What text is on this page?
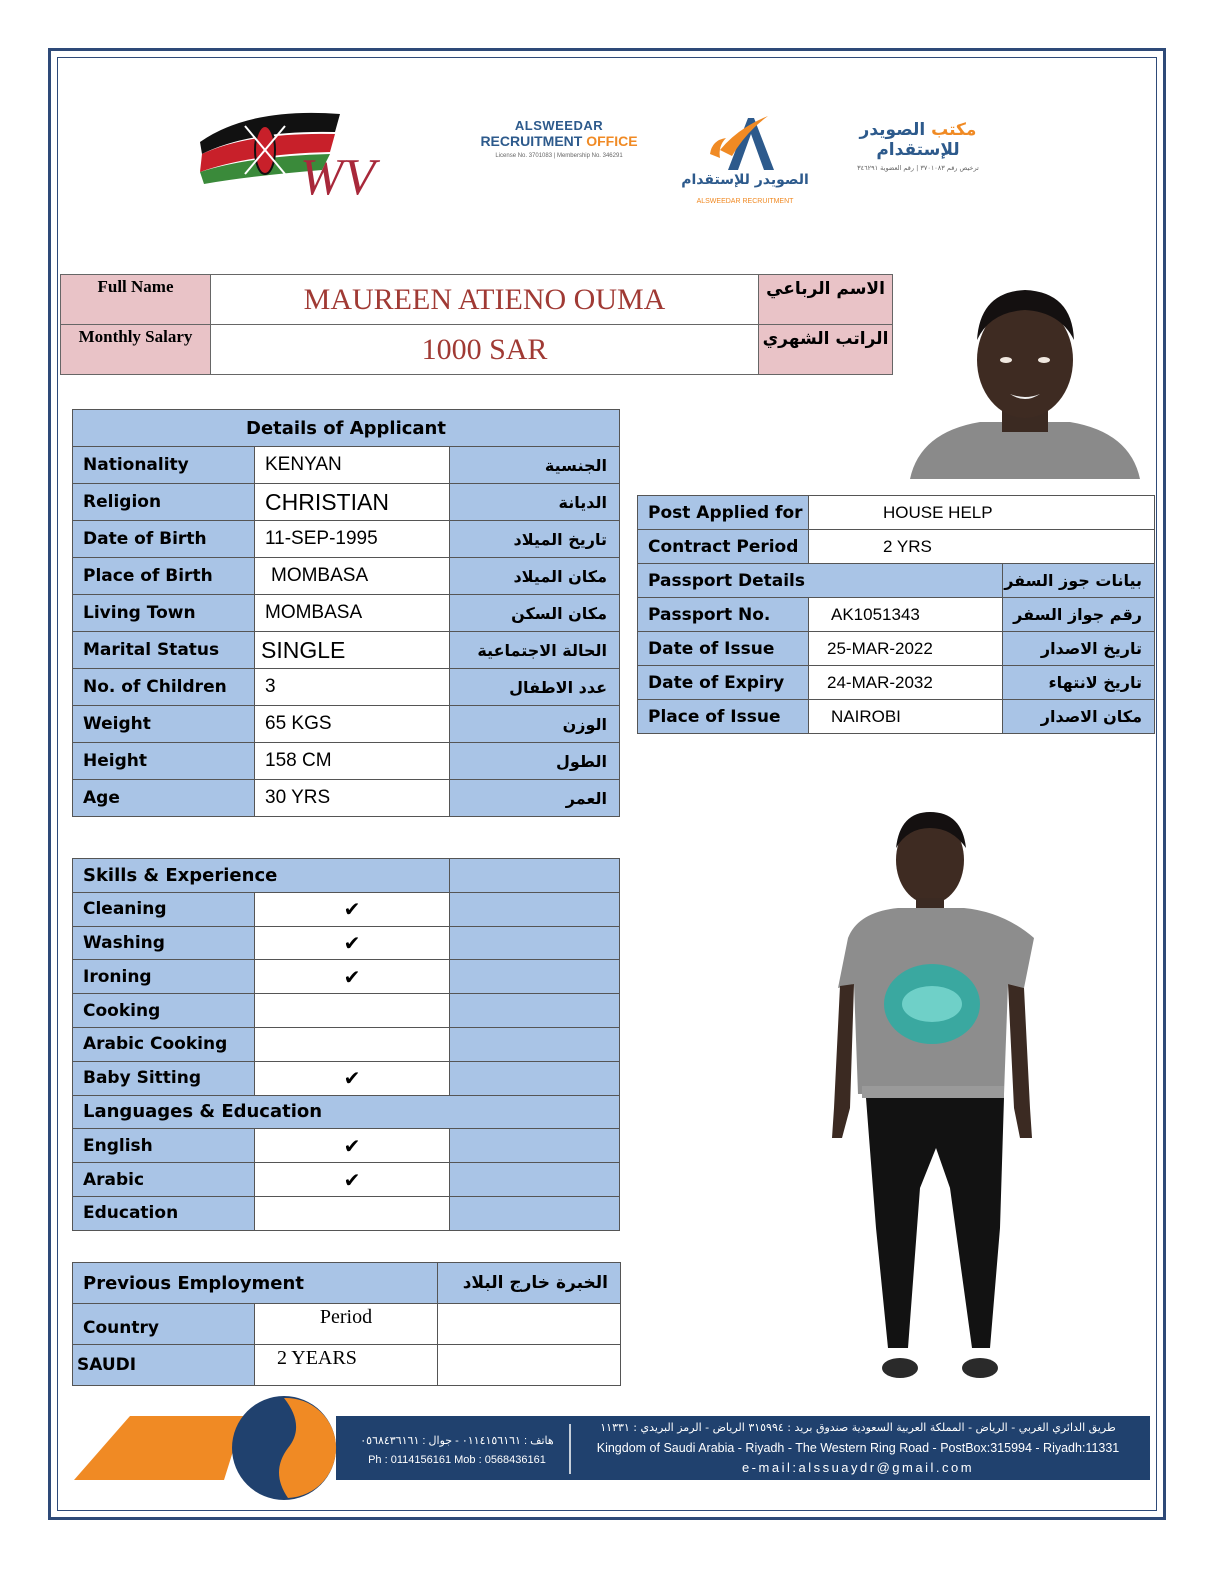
WV
ALSWEEDAR
RECRUITMENT OFFICE
License No. 3701083 | Membership No. 346291
الصويدر للإستقدام
ALSWEEDAR RECRUITMENT
مكتب الصويدر للإستقدام
ترخيص رقم ٣٧٠١٠٨٣ | رقم العضوية ٣٤٦٢٩١
Full Name	MAUREEN ATIENO OUMA	الاسم الرباعي
Monthly Salary	1000 SAR	الراتب الشهري
Details of Applicant		
Nationality	KENYAN	الجنسية
Religion	CHRISTIAN	الديانة
Date of Birth	11-SEP-1995	تاريخ الميلاد
Place of Birth	MOMBASA	مكان الميلاد
Living Town	MOMBASA	مكان السكن
Marital Status	SINGLE	الحالة الاجتماعية
No. of Children	3	عدد الاطفال
Weight	65 KGS	الوزن
Height	158 CM	الطول
Age	30 YRS	العمر
Post Applied for	HOUSE HELP	
Contract Period	2 YRS	
Passport Details		بيانات جوز السفر
Passport No.	AK1051343	رقم جواز السفر
Date of Issue	25-MAR-2022	تاريخ الاصدار
Date of Expiry	24-MAR-2032	تاريخ لانتهاء
Place of Issue	NAIROBI	مكان الاصدار
Skills & Experience		
Cleaning	✔	
Washing	✔	
Ironing	✔	
Cooking		
Arabic Cooking		
Baby Sitting	✔	
Languages & Education		
English	✔	
Arabic	✔	
Education		
Previous Employment		الخبرة خارج البلاد
Country	Period	
SAUDI	2 YEARS	
هاتف : ٠١١٤١٥٦١٦١ - جوال : ٠٥٦٨٤٣٦١٦١
Ph : 0114156161 Mob : 0568436161
طريق الدائري الغربي - الرياض - المملكة العربية السعودية صندوق بريد : ٣١٥٩٩٤ الرياض - الرمز البريدي : ١١٣٣١
Kingdom of Saudi Arabia - Riyadh - The Western Ring Road - PostBox:315994 - Riyadh:11331
e-mail:alssuaydr@gmail.com
